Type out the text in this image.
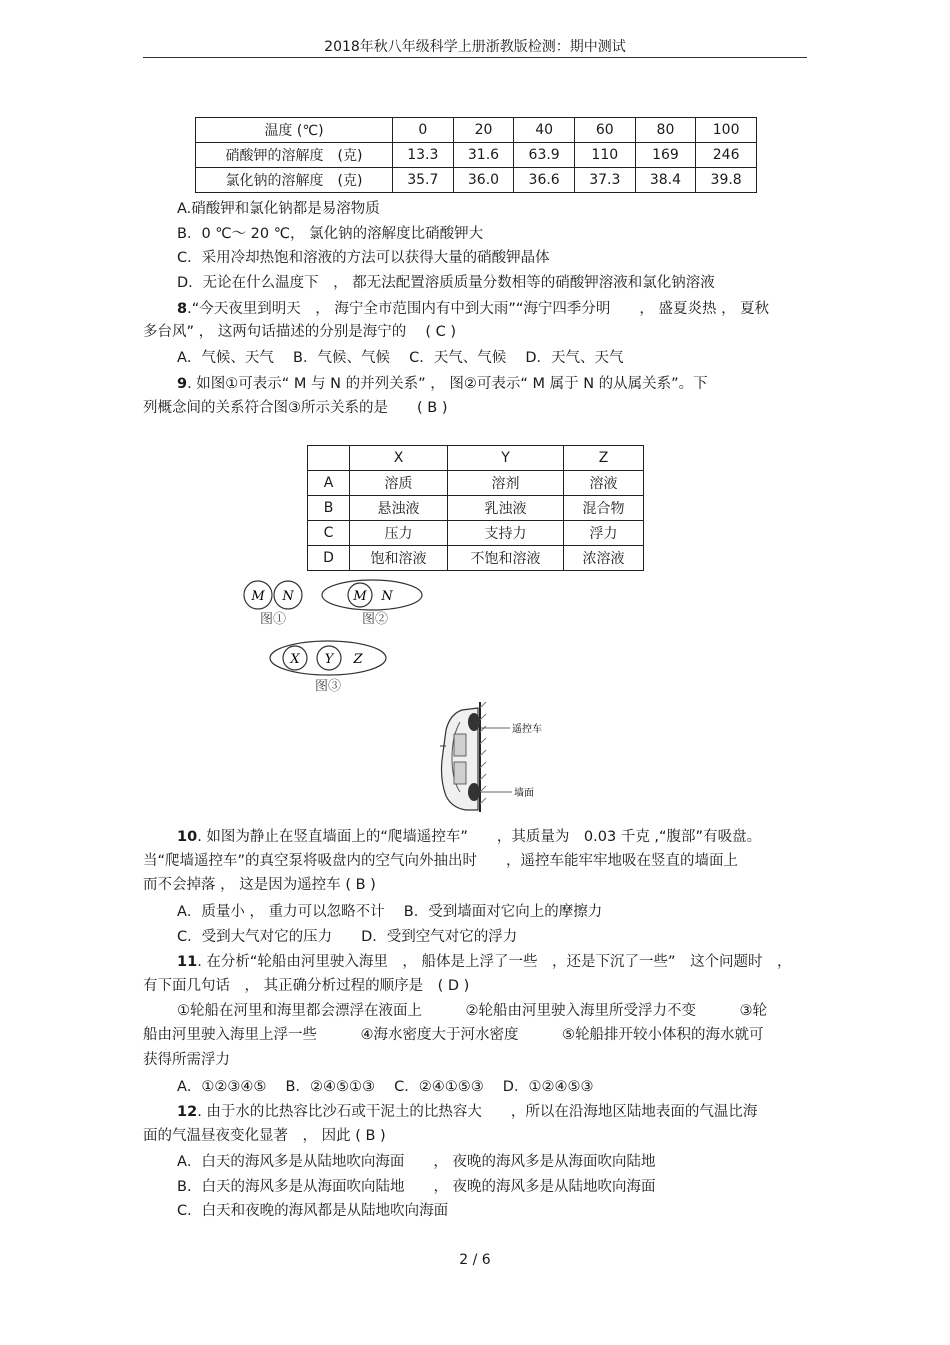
2018年秋八年级科学上册浙教版检测：期中测试
温度 (℃)	0	20	40	60	80	100
硝酸钾的溶解度　(克)	13.3	31.6	63.9	110	169	246
氯化钠的溶解度　(克)	35.7	36.0	36.6	37.3	38.4	39.8
A.硝酸钾和氯化钠都是易溶物质
B．0 ℃～ 20 ℃， 氯化钠的溶解度比硝酸钾大
C．采用冷却热饱和溶液的方法可以获得大量的硝酸钾晶体
D．无论在什么温度下　， 都无法配置溶质质量分数相等的硝酸钾溶液和氯化钠溶液
8.“今天夜里到明天　， 海宁全市范围内有中到大雨”“海宁四季分明　　， 盛夏炎热 ， 夏秋
多台风” ， 这两句话描述的分别是海宁的　 ( C )
A．气候、天气　 B．气候、气候　 C．天气、气候　 D．天气、天气
9. 如图①可表示“ M 与 N 的并列关系” ， 图②可表示“ M 属于 N 的从属关系”。下
列概念间的关系符合图③所示关系的是　　( B )
	X	Y	Z
A	溶质	溶剂	溶液
B	悬浊液	乳浊液	混合物
C	压力	支持力	浮力
D	饱和溶液	不饱和溶液	浓溶液
M N
图①
M N
图②
X Y Z
图③
遥控车
墙面
10. 如图为静止在竖直墙面上的“爬墙遥控车”　　，其质量为　0.03 千克 ,“腹部”有吸盘。
当“爬墙遥控车”的真空泵将吸盘内的空气向外抽出时　　，遥控车能牢牢地吸在竖直的墙面上
而不会掉落 ， 这是因为遥控车 ( B )
A．质量小 ， 重力可以忽略不计　 B．受到墙面对它向上的摩擦力
C．受到大气对它的压力　　D．受到空气对它的浮力
11. 在分析“轮船由河里驶入海里　， 船体是上浮了一些　，还是下沉了一些”　这个问题时　，
有下面几句话　， 其正确分析过程的顺序是　( D )
①轮船在河里和海里都会漂浮在液面上　　　②轮船由河里驶入海里所受浮力不变　　　③轮
船由河里驶入海里上浮一些　　　④海水密度大于河水密度　　　⑤轮船排开较小体积的海水就可
获得所需浮力
A．①②③④⑤　 B．②④⑤①③　 C．②④①⑤③　 D．①②④⑤③
12. 由于水的比热容比沙石或干泥土的比热容大　　，所以在沿海地区陆地表面的气温比海
面的气温昼夜变化显著　， 因此 ( B )
A．白天的海风多是从陆地吹向海面　　， 夜晚的海风多是从海面吹向陆地
B．白天的海风多是从海面吹向陆地　　， 夜晚的海风多是从陆地吹向海面
C．白天和夜晚的海风都是从陆地吹向海面
2 / 6
